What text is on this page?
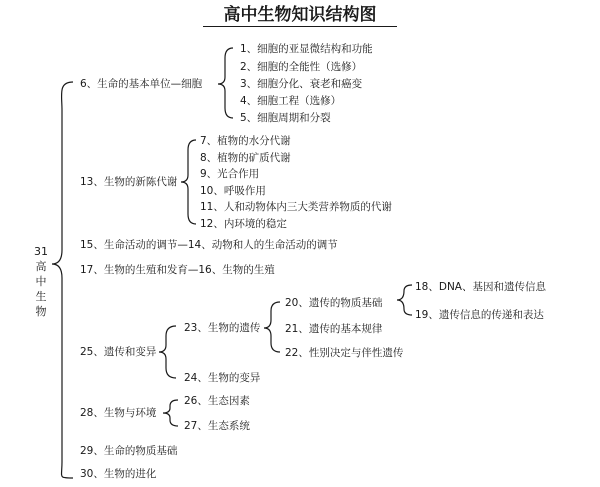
高中生物知识结构图
31
高中生物
6、生命的基本单位—细胞
13、生物的新陈代谢
15、生命活动的调节—14、动物和人的生命活动的调节
17、生物的生殖和发育—16、生物的生殖
25、遗传和变异
28、生物与环境
29、生命的物质基础
30、生物的进化
1、细胞的亚显微结构和功能
2、细胞的全能性（选修）
3、细胞分化、衰老和癌变
4、细胞工程（选修）
5、细胞周期和分裂
7、植物的水分代谢
8、植物的矿质代谢
9、光合作用
10、呼吸作用
11、人和动物体内三大类营养物质的代谢
12、内环境的稳定
23、生物的遗传
24、生物的变异
20、遗传的物质基础
21、遗传的基本规律
22、性别决定与伴性遗传
18、DNA、基因和遗传信息
19、遗传信息的传递和表达
26、生态因素
27、生态系统
